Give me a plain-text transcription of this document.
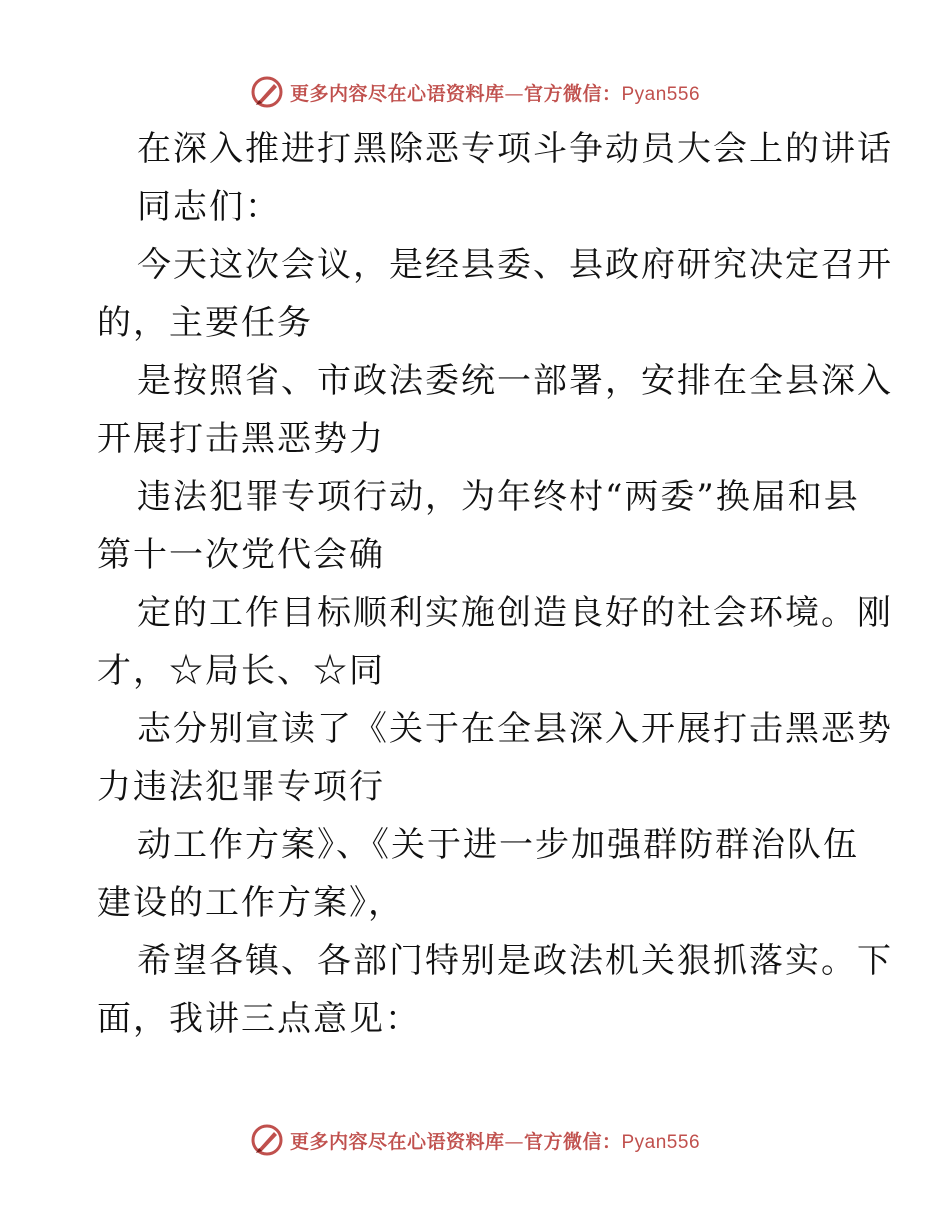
更多内容尽在心语资料库—官方微信：Pyan556
在深入推进打黑除恶专项斗争动员大会上的讲话
同志们：
今天这次会议，是经县委、县政府研究决定召开
的，主要任务
是按照省、市政法委统一部署，安排在全县深入
开展打击黑恶势力
违法犯罪专项行动，为年终村“两委”换届和县
第十一次党代会确
定的工作目标顺利实施创造良好的社会环境。刚
才，☆局长、☆同
志分别宣读了《关于在全县深入开展打击黑恶势
力违法犯罪专项行
动工作方案》、《关于进一步加强群防群治队伍
建设的工作方案》，
希望各镇、各部门特别是政法机关狠抓落实。下
面，我讲三点意见：
更多内容尽在心语资料库—官方微信：Pyan556
